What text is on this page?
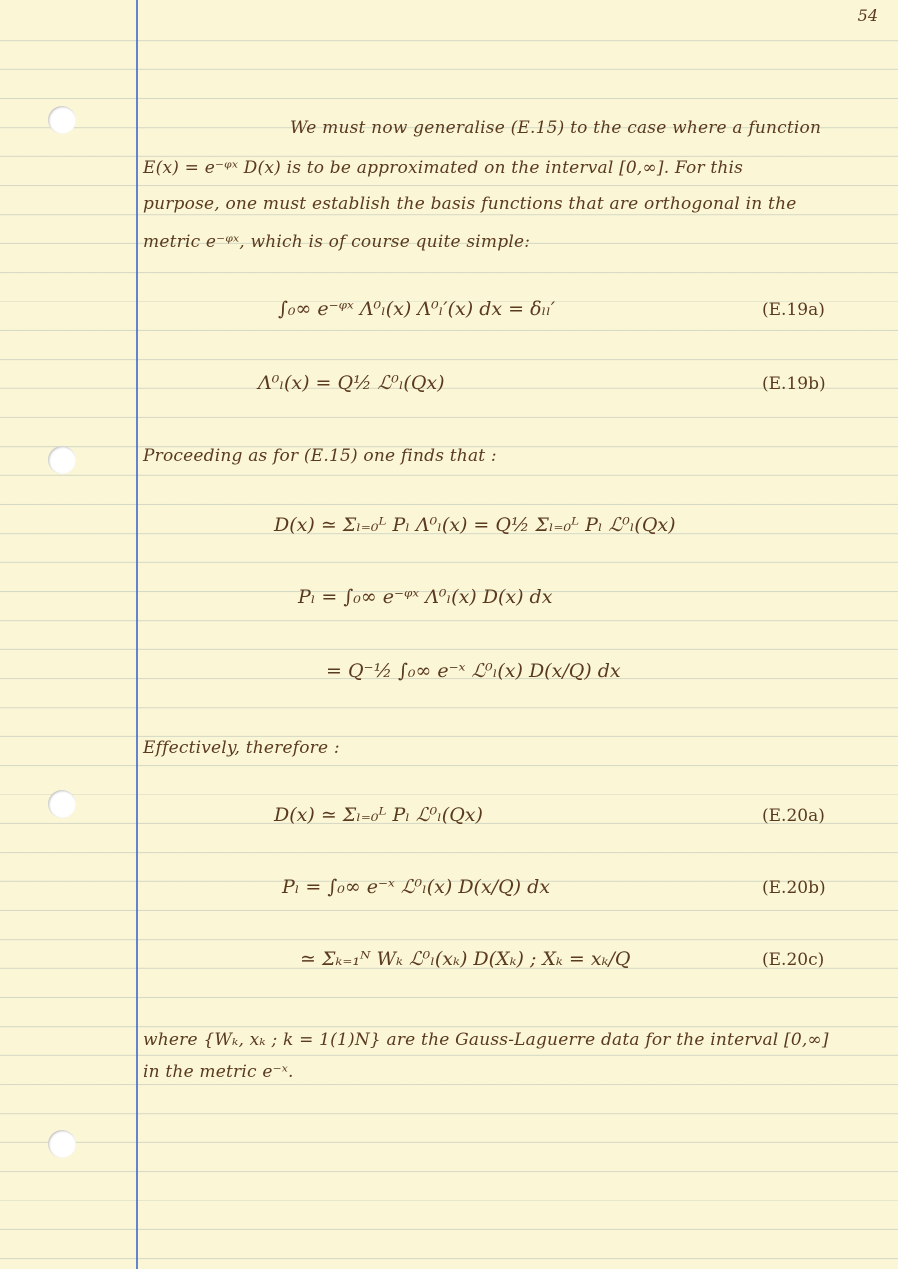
54
We must now generalise (E.15) to the case where a function
E(x) = e⁻ᵠˣ D(x) is to be approximated on the interval [0,∞]. For this
purpose, one must establish the basis functions that are orthogonal in the
metric e⁻ᵠˣ, which is of course quite simple:
∫₀∞ e⁻ᵠˣ Λ⁰ₗ(x) Λ⁰ₗ′(x) dx = δₗₗ′	(E.19a)
Λ⁰ₗ(x) = Q½ ℒ⁰ₗ(Qx)	(E.19b)
Proceeding as for (E.15) one finds that :
D(x) ≃ Σₗ₌₀ᴸ Pₗ Λ⁰ₗ(x) = Q½ Σₗ₌₀ᴸ Pₗ ℒ⁰ₗ(Qx)
Pₗ = ∫₀∞ e⁻ᵠˣ Λ⁰ₗ(x) D(x) dx
= Q⁻½ ∫₀∞ e⁻ˣ ℒ⁰ₗ(x) D(x/Q) dx
Effectively, therefore :
D(x) ≃ Σₗ₌₀ᴸ Pₗ ℒ⁰ₗ(Qx)	(E.20a)
Pₗ = ∫₀∞ e⁻ˣ ℒ⁰ₗ(x) D(x/Q) dx	(E.20b)
≃ Σₖ₌₁ᴺ Wₖ ℒ⁰ₗ(xₖ) D(Xₖ) ; Xₖ = xₖ/Q	(E.20c)
where {Wₖ, xₖ ; k = 1(1)N} are the Gauss-Laguerre data for the interval [0,∞]
in the metric e⁻ˣ.
